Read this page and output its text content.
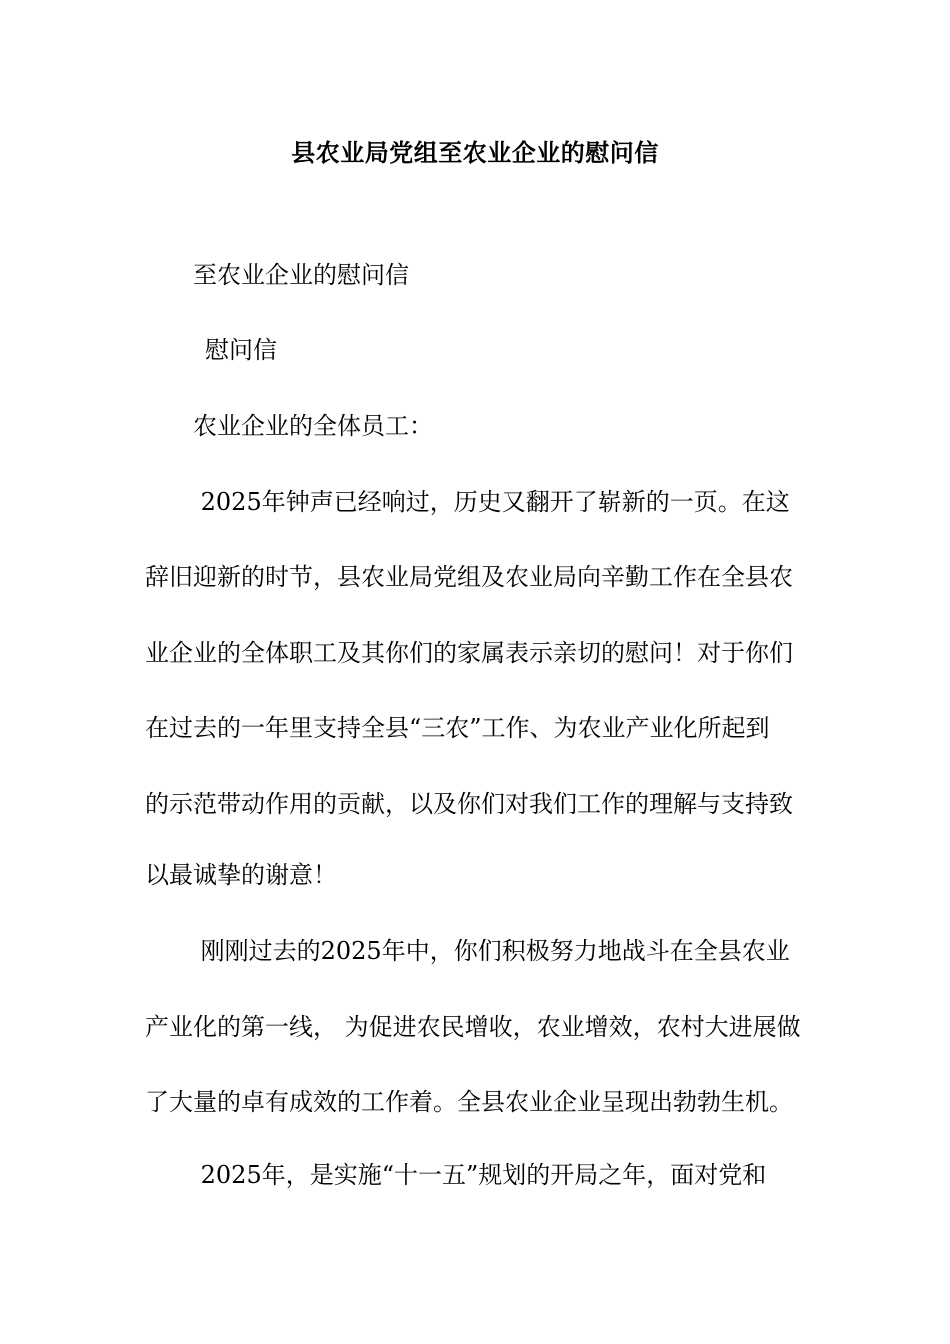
县农业局党组至农业企业的慰问信
至农业企业的慰问信
慰问信
农业企业的全体员工：
2025年钟声已经响过，历史又翻开了崭新的一页。在这
辞旧迎新的时节，县农业局党组及农业局向辛勤工作在全县农
业企业的全体职工及其你们的家属表示亲切的慰问！对于你们
在过去的一年里支持全县“三农”工作、为农业产业化所起到
的示范带动作用的贡献，以及你们对我们工作的理解与支持致
以最诚挚的谢意！
刚刚过去的2025年中，你们积极努力地战斗在全县农业
产业化的第一线， 为促进农民增收，农业增效，农村大进展做
了大量的卓有成效的工作着。全县农业企业呈现出勃勃生机。
2025年，是实施“十一五”规划的开局之年，面对党和
